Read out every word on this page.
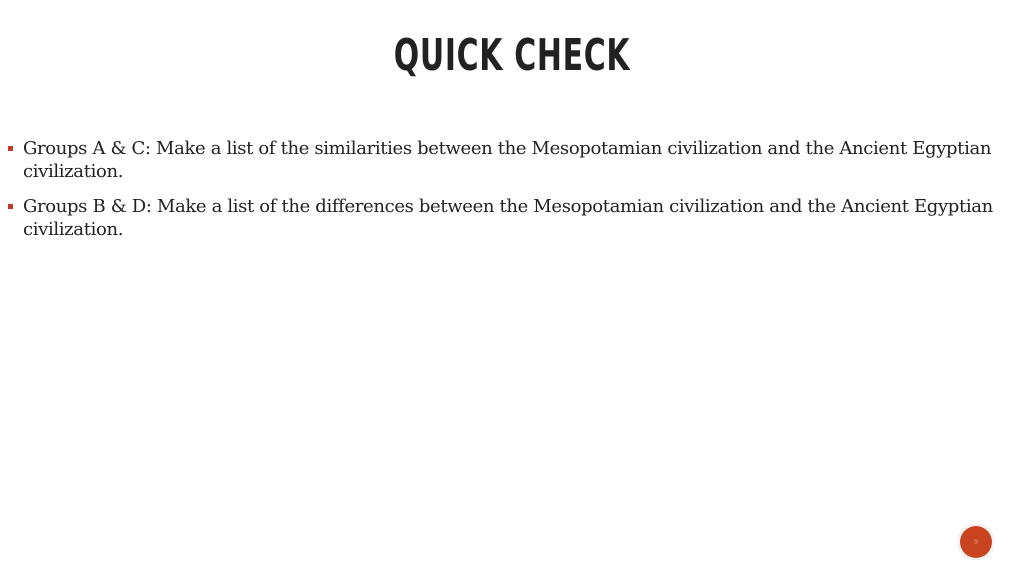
QUICK CHECK
Groups A & C: Make a list of the similarities between the Mesopotamian civilization and the Ancient Egyptian civilization.
Groups B & D: Make a list of the differences between the Mesopotamian civilization and the Ancient Egyptian civilization.
9
